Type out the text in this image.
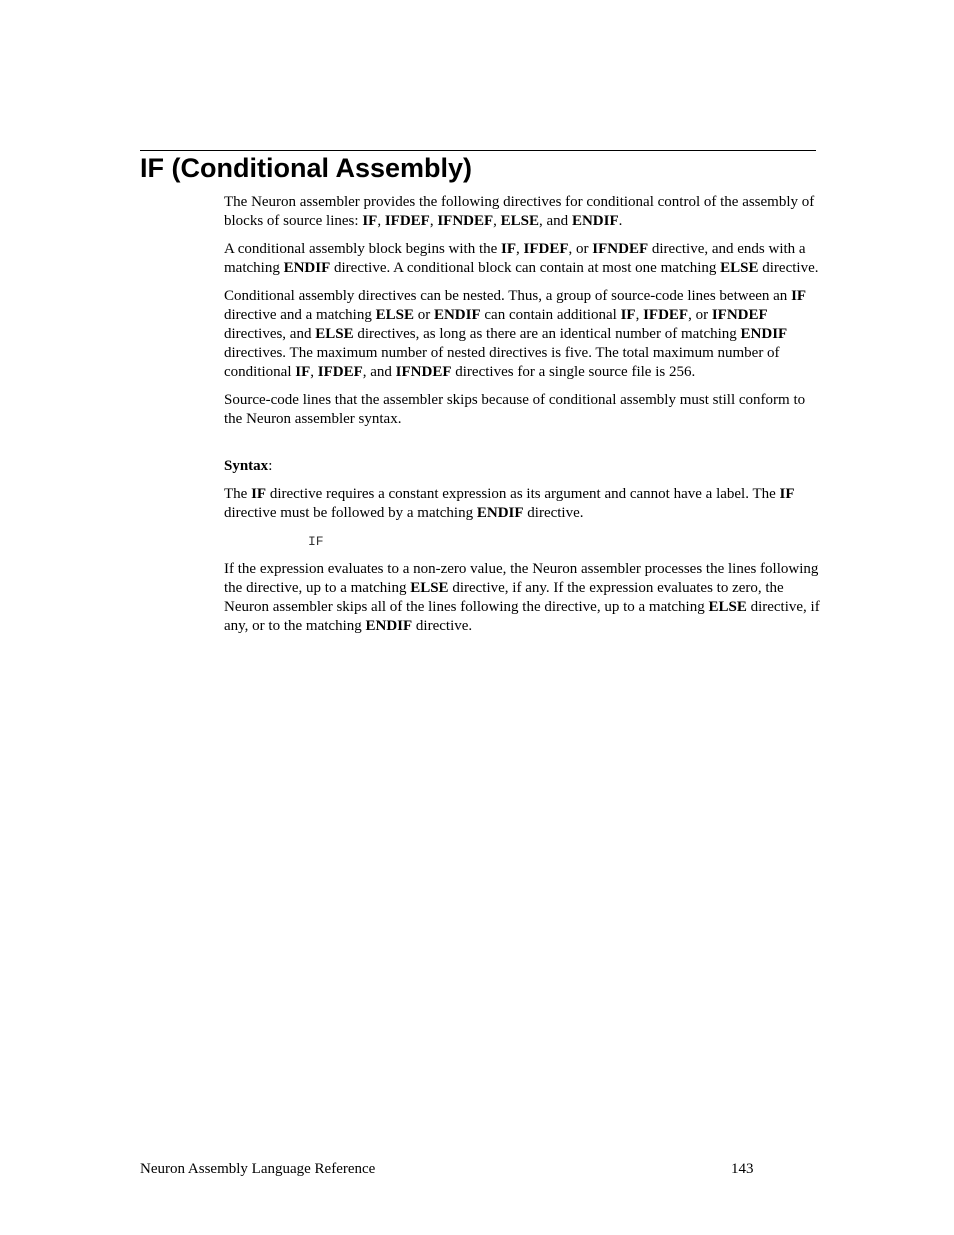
IF (Conditional Assembly)

The Neuron assembler provides the following directives for conditional control of the assembly of blocks of source lines: IF, IFDEF, IFNDEF, ELSE, and ENDIF.

A conditional assembly block begins with the IF, IFDEF, or IFNDEF directive, and ends with a matching ENDIF directive. A conditional block can contain at most one matching ELSE directive.

Conditional assembly directives can be nested. Thus, a group of source-code lines between an IF directive and a matching ELSE or ENDIF can contain additional IF, IFDEF, or IFNDEF directives, and ELSE directives, as long as there are an identical number of matching ENDIF directives. The maximum number of nested directives is five. The total maximum number of conditional IF, IFDEF, and IFNDEF directives for a single source file is 256.

Source-code lines that the assembler skips because of conditional assembly must still conform to the Neuron assembler syntax.

Syntax:

The IF directive requires a constant expression as its argument and cannot have a label. The IF directive must be followed by a matching ENDIF directive.

IF

If the expression evaluates to a non-zero value, the Neuron assembler processes the lines following the directive, up to a matching ELSE directive, if any. If the expression evaluates to zero, the Neuron assembler skips all of the lines following the directive, up to a matching ELSE directive, if any, or to the matching ENDIF directive.

Neuron Assembly Language Reference	143
